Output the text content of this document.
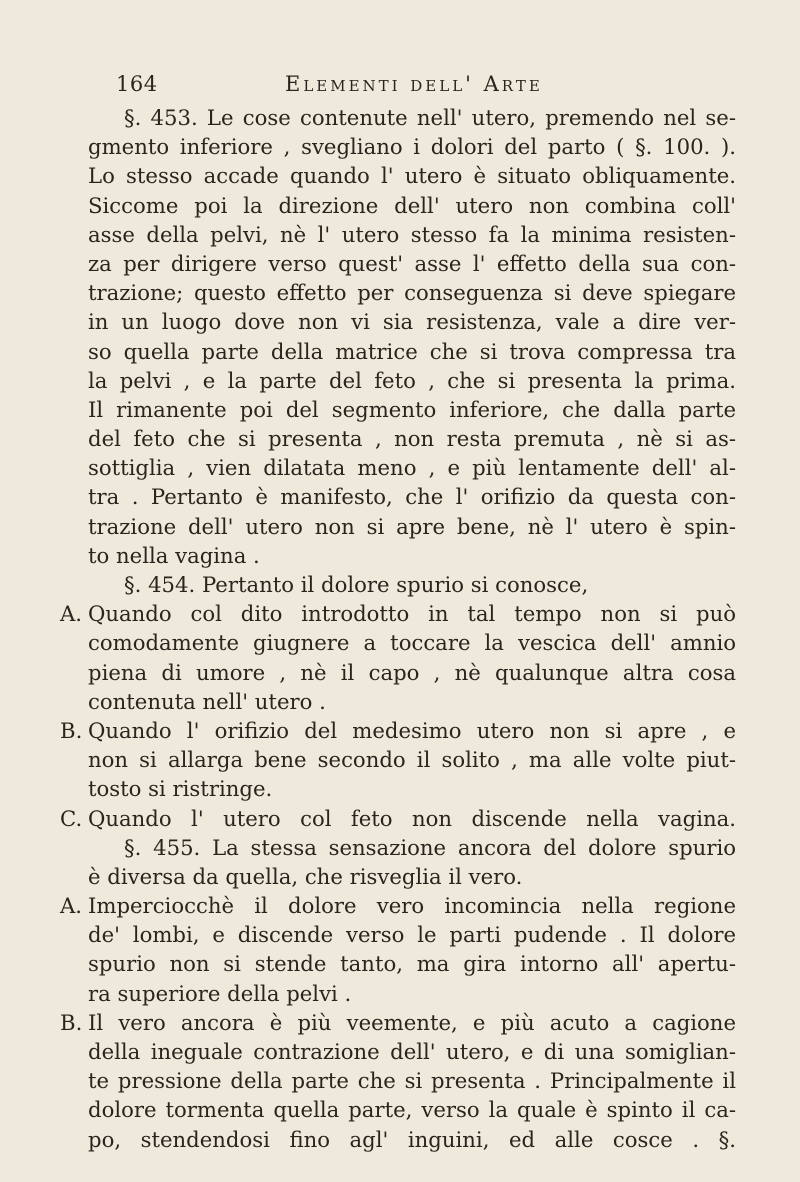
164	Elementi dell' Arte
§. 453. Le cose contenute nell' utero, premendo nel se-
gmento inferiore , svegliano i dolori del parto ( §. 100. ).
Lo stesso accade quando l' utero è situato obliquamente.
Siccome poi la direzione dell' utero non combina coll'
asse della pelvi, nè l' utero stesso fa la minima resisten-
za per dirigere verso quest' asse l' effetto della sua con-
trazione; questo effetto per conseguenza si deve spiegare
in un luogo dove non vi sia resistenza, vale a dire ver-
so quella parte della matrice che si trova compressa tra
la pelvi , e la parte del feto , che si presenta la prima.
Il rimanente poi del segmento inferiore, che dalla parte
del feto che si presenta , non resta premuta , nè si as-
sottiglia , vien dilatata meno , e più lentamente dell' al-
tra . Pertanto è manifesto, che l' orifizio da questa con-
trazione dell' utero non si apre bene, nè l' utero è spin-
to nella vagina .
§. 454. Pertanto il dolore spurio si conosce,
A. Quando col dito introdotto in tal tempo non si può
comodamente giugnere a toccare la vescica dell' amnio
piena di umore , nè il capo , nè qualunque altra cosa
contenuta nell' utero .
B. Quando l' orifizio del medesimo utero non si apre , e
non si allarga bene secondo il solito , ma alle volte piut-
tosto si ristringe.
C. Quando l' utero col feto non discende nella vagina.
§. 455. La stessa sensazione ancora del dolore spurio
è diversa da quella, che risveglia il vero.
A. Imperciocchè il dolore vero incomincia nella regione
de' lombi, e discende verso le parti pudende . Il dolore
spurio non si stende tanto, ma gira intorno all' apertu-
ra superiore della pelvi .
B. Il vero ancora è più veemente, e più acuto a cagione
della ineguale contrazione dell' utero, e di una somiglian-
te pressione della parte che si presenta . Principalmente il
dolore tormenta quella parte, verso la quale è spinto il ca-
po, stendendosi fino agl' inguini, ed alle cosce . §.
